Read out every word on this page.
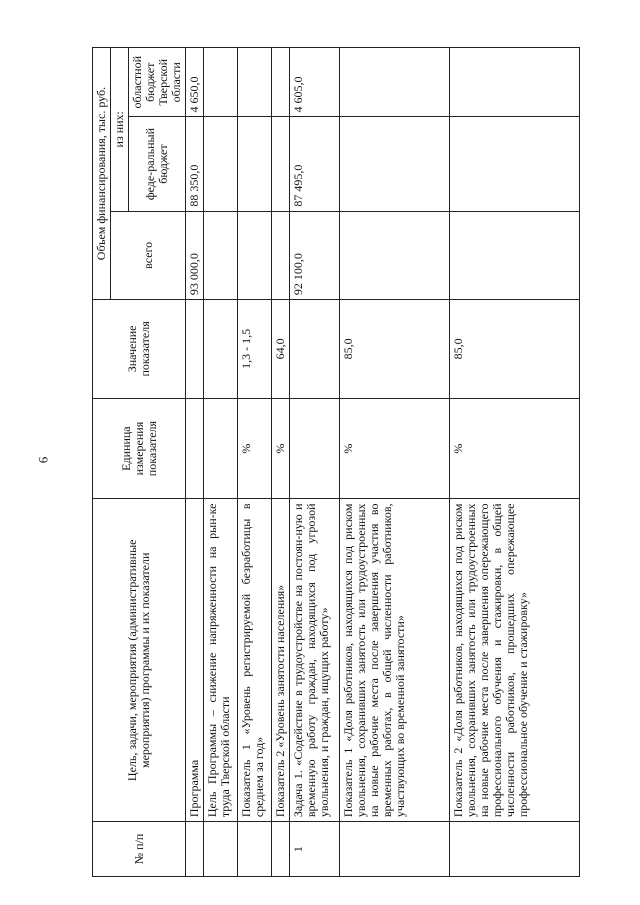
6
№ п/п	Цель, задачи, мероприятия (административные мероприятия) программы и их показатели	Единица измерения показателя	Значение показателя	Объем финансирования, тыс. руб.		
				всего	из них:	
					феде-ральный бюджет	областной бюджет Тверской области
	Программа			93 000,0	88 350,0	4 650,0
	Цель Программы – снижение напряженности на рын-ке труда Тверской области					
	Показатель 1 «Уровень регистрируемой безработицы в среднем за год»	%	1,3 - 1,5			
	Показатель 2 «Уровень занятости населения»	%	64,0			
1	Задача 1. «Содействие в трудоустройстве на постоян-ную и временную работу граждан, находящихся под угрозой увольнения, и граждан, ищущих работу»			92 100,0	87 495,0	4 605,0
	Показатель 1 «Доля работников, находящихся под риском увольнения, сохранивших занятость или трудоустроенных на новые рабочие места после завершения участия во временных работах, в общей численности работников, участвующих во временной занятости»	%	85,0			
	Показатель 2 «Доля работников, находящихся под риском увольнения, сохранивших занятость или трудоустроенных на новые рабочие места после завершения опережающего профессионального обучения и стажировки, в общей численности работников, прошедших опережающее профессиональное обучение и стажировку»	%	85,0			
